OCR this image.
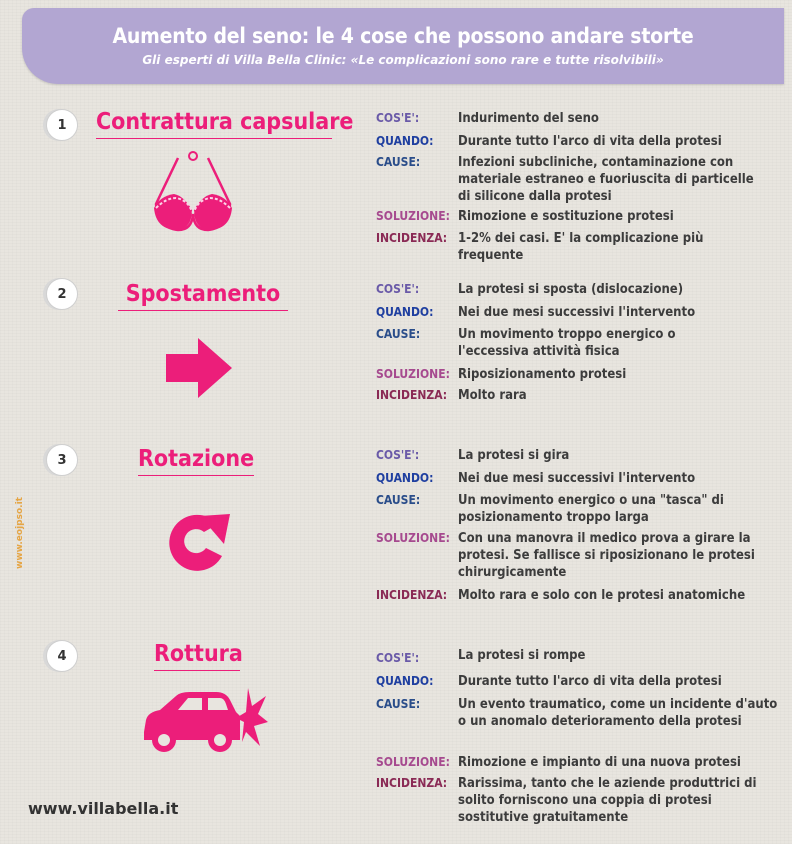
Aumento del seno: le 4 cose che possono andare storte
Gli esperti di Villa Bella Clinic: «Le complicazioni sono rare e tutte risolvibili»
www.eojpso.it
1	Contrattura capsulare COS'E':	Indurimento del seno
QUANDO: Durante tutto l'arco di vita della protesi
CAUSE:	Infezioni subcliniche, contaminazione con materiale estraneo e fuoriuscita di particelle di silicone dalla protesi
SOLUZIONE: Rimozione e sostituzione protesi
INCIDENZA: 1-2% dei casi. E' la complicazione più frequente
2	Spostamento	COS'E':	La protesi si sposta (dislocazione)
QUANDO: Nei due mesi successivi l'intervento
CAUSE:	Un movimento troppo energico o l'eccessiva attività fisica
SOLUZIONE: Riposizionamento protesi
INCIDENZA: Molto rara
3	Rotazione	COS'E':	La protesi si gira
QUANDO: Nei due mesi successivi l'intervento
CAUSE:	Un movimento energico o una "tasca" di posizionamento troppo larga
SOLUZIONE: Con una manovra il medico prova a girare la protesi. Se fallisce si riposizionano le protesi chirurgicamente
INCIDENZA: Molto rara e solo con le protesi anatomiche
4	Rottura	COS'E':	La protesi si rompe
QUANDO: Durante tutto l'arco di vita della protesi
CAUSE:	Un evento traumatico, come un incidente d'auto o un anomalo deterioramento della protesi
SOLUZIONE: Rimozione e impianto di una nuova protesi
INCIDENZA: Rarissima, tanto che le aziende produttrici di solito forniscono una coppia di protesi sostitutive gratuitamente
www.villabella.it
